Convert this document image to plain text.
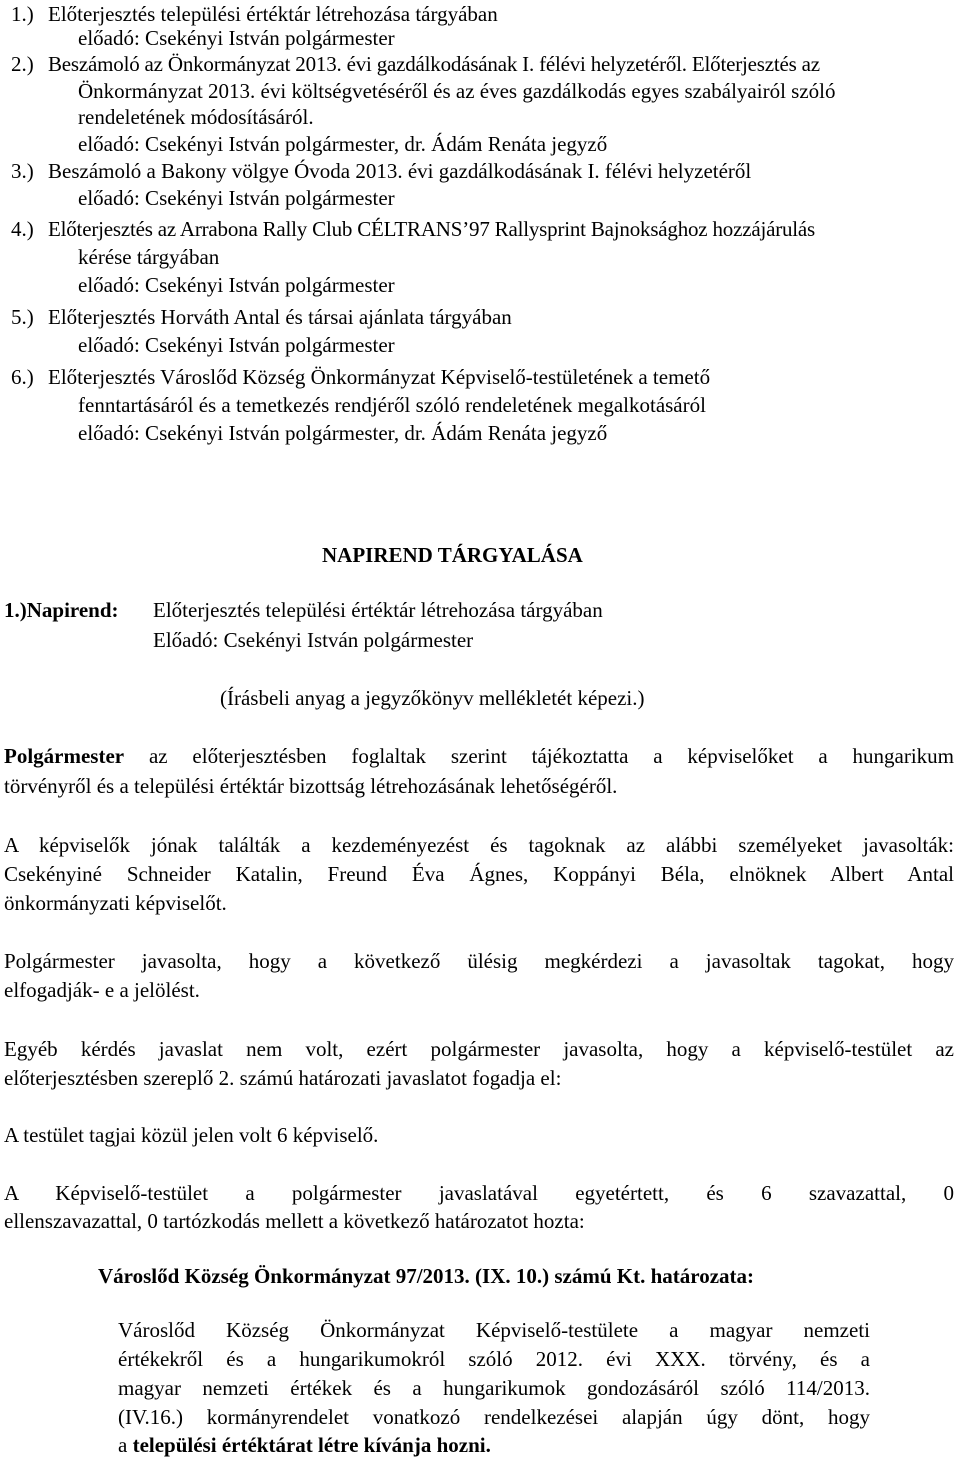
1.) Előterjesztés települési értéktár létrehozása tárgyában
előadó: Csekényi István polgármester
2.) Beszámoló az Önkormányzat 2013. évi gazdálkodásának I. félévi helyzetéről. Előterjesztés az
Önkormányzat 2013. évi költségvetéséről és az éves gazdálkodás egyes szabályairól szóló
rendeletének módosításáról.
előadó: Csekényi István polgármester, dr. Ádám Renáta jegyző
3.) Beszámoló a Bakony völgye Óvoda 2013. évi gazdálkodásának I. félévi helyzetéről
előadó: Csekényi István polgármester
4.) Előterjesztés az Arrabona Rally Club CÉLTRANS’97 Rallysprint Bajnoksághoz hozzájárulás
kérése tárgyában
előadó: Csekényi István polgármester
5.) Előterjesztés Horváth Antal és társai ajánlata tárgyában
előadó: Csekényi István polgármester
6.) Előterjesztés Városlőd Község Önkormányzat Képviselő-testületének a temető
fenntartásáról és a temetkezés rendjéről szóló rendeletének megalkotásáról
előadó: Csekényi István polgármester, dr. Ádám Renáta jegyző
NAPIREND TÁRGYALÁSA
1.)Napirend: Előterjesztés települési értéktár létrehozása tárgyában
Előadó: Csekényi István polgármester
(Írásbeli anyag a jegyzőkönyv mellékletét képezi.)
Polgármester az előterjesztésben foglaltak szerint tájékoztatta a képviselőket a hungarikum
törvényről és a települési értéktár bizottság létrehozásának lehetőségéről.
A képviselők jónak találták a kezdeményezést és tagoknak az alábbi személyeket javasolták:
Csekényiné Schneider Katalin, Freund Éva Ágnes, Koppányi Béla, elnöknek Albert Antal
önkormányzati képviselőt.
Polgármester javasolta, hogy a következő ülésig megkérdezi a javasoltak tagokat, hogy
elfogadják- e a jelölést.
Egyéb kérdés javaslat nem volt, ezért polgármester javasolta, hogy a képviselő-testület az
előterjesztésben szereplő 2. számú határozati javaslatot fogadja el:
A testület tagjai közül jelen volt 6 képviselő.
A Képviselő-testület a polgármester javaslatával egyetértett, és 6 szavazattal, 0
ellenszavazattal, 0 tartózkodás mellett a következő határozatot hozta:
Városlőd Község Önkormányzat 97/2013. (IX. 10.) számú Kt. határozata:
Városlőd Község Önkormányzat Képviselő-testülete a magyar nemzeti
értékekről és a hungarikumokról szóló 2012. évi XXX. törvény, és a
magyar nemzeti értékek és a hungarikumok gondozásáról szóló 114/2013.
(IV.16.) kormányrendelet vonatkozó rendelkezései alapján úgy dönt, hogy
a települési értéktárat létre kívánja hozni.
